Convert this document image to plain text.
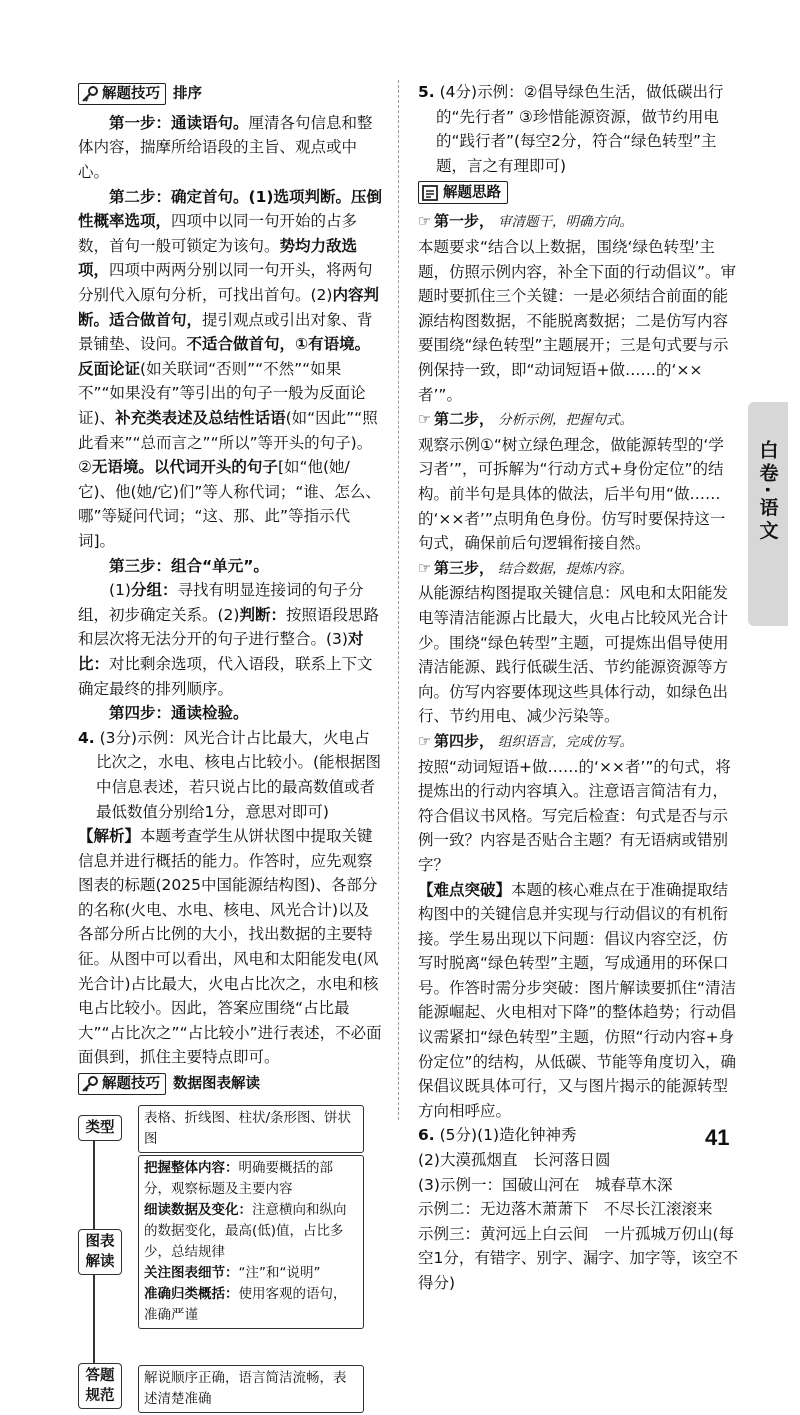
解题技巧 排序

第一步：通读语句。厘清各句信息和整体内容，揣摩所给语段的主旨、观点或中心。

第二步：确定首句。(1)选项判断。压倒性概率选项，四项中以同一句开始的占多数，首句一般可锁定为该句。势均力敌选项，四项中两两分别以同一句开头，将两句分别代入原句分析，可找出首句。(2)内容判断。适合做首句，提引观点或引出对象、背景铺垫、设问。不适合做首句，①有语境。反面论证(如关联词“否则”“不然”“如果不”“如果没有”等引出的句子一般为反面论证)、补充类表述及总结性话语(如“因此”“照此看来”“总而言之”“所以”等开头的句子)。②无语境。以代词开头的句子[如“他(她/它)、他(她/它)们”等人称代词；“谁、怎么、哪”等疑问代词；“这、那、此”等指示代词]。

第三步：组合“单元”。

(1)分组：寻找有明显连接词的句子分组，初步确定关系。(2)判断：按照语段思路和层次将无法分开的句子进行整合。(3)对比：对比剩余选项，代入语段，联系上下文确定最终的排列顺序。

第四步：通读检验。

4. (3分)示例：风光合计占比最大，火电占比次之，水电、核电占比较小。(能根据图中信息表述，若只说占比的最高数值或者最低数值分别给1分，意思对即可)

【解析】本题考查学生从饼状图中提取关键信息并进行概括的能力。作答时，应先观察图表的标题(2025中国能源结构图)、各部分的名称(火电、水电、核电、风光合计)以及各部分所占比例的大小，找出数据的主要特征。从图中可以看出，风电和太阳能发电(风光合计)占比最大，火电占比次之，水电和核电占比较小。因此，答案应围绕“占比最大”“占比次之”“占比较小”进行表述，不必面面俱到，抓住主要特点即可。

解题技巧 数据图表解读
类型
表格、折线图、柱状/条形图、饼状图
图表
解读
把握整体内容：明确要概括的部分，观察标题及主要内容
细读数据及变化：注意横向和纵向的数据变化，最高(低)值，占比多少，总结规律
关注图表细节：“注”和“说明”
准确归类概括：使用客观的语句，准确严谨
答题
规范
解说顺序正确，语言简洁流畅，表述清楚准确

5. (4分)示例：②倡导绿色生活，做低碳出行的“先行者” ③珍惜能源资源，做节约用电的“践行者”(每空2分，符合“绿色转型”主题，言之有理即可)

解题思路

☞ 第一步， 审清题干，明确方向。

本题要求“结合以上数据，围绕‘绿色转型’主题，仿照示例内容，补全下面的行动倡议”。审题时要抓住三个关键：一是必须结合前面的能源结构图数据，不能脱离数据；二是仿写内容要围绕“绿色转型”主题展开；三是句式要与示例保持一致，即“动词短语+做……的‘××者’”。

☞ 第二步， 分析示例，把握句式。

观察示例①“树立绿色理念，做能源转型的‘学习者’”，可拆解为“行动方式+身份定位”的结构。前半句是具体的做法，后半句用“做……的‘××者’”点明角色身份。仿写时要保持这一句式，确保前后句逻辑衔接自然。

☞ 第三步， 结合数据，提炼内容。

从能源结构图提取关键信息：风电和太阳能发电等清洁能源占比最大，火电占比较风光合计少。围绕“绿色转型”主题，可提炼出倡导使用清洁能源、践行低碳生活、节约能源资源等方向。仿写内容要体现这些具体行动，如绿色出行、节约用电、减少污染等。

☞ 第四步， 组织语言，完成仿写。

按照“动词短语+做……的‘××者’”的句式，将提炼出的行动内容填入。注意语言简洁有力，符合倡议书风格。写完后检查：句式是否与示例一致？内容是否贴合主题？有无语病或错别字？

【难点突破】本题的核心难点在于准确提取结构图中的关键信息并实现与行动倡议的有机衔接。学生易出现以下问题：倡议内容空泛，仿写时脱离“绿色转型”主题，写成通用的环保口号。作答时需分步突破：图片解读要抓住“清洁能源崛起、火电相对下降”的整体趋势；行动倡议需紧扣“绿色转型”主题，仿照“行动内容+身份定位”的结构，从低碳、节能等角度切入，确保倡议既具体可行，又与图片揭示的能源转型方向相呼应。

6. (5分)(1)造化钟神秀

(2)大漠孤烟直　长河落日圆

(3)示例一：国破山河在　城春草木深

示例二：无边落木萧萧下　不尽长江滚滚来

示例三：黄河远上白云间　一片孤城万仞山(每空1分，有错字、别字、漏字、加字等，该空不得分)

白卷·语文
41
